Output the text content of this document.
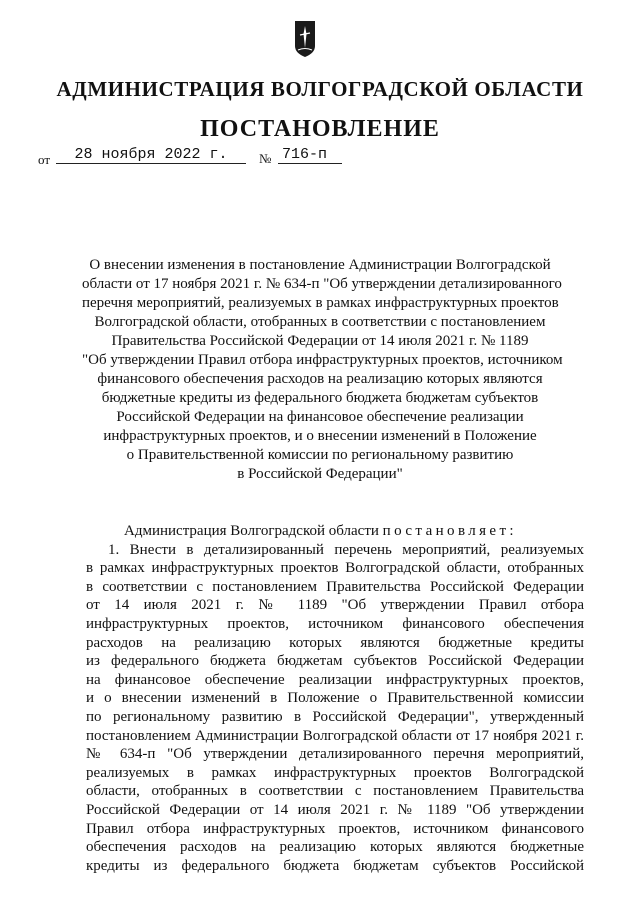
АДМИНИСТРАЦИЯ ВОЛГОГРАДСКОЙ ОБЛАСТИ
ПОСТАНОВЛЕНИЕ
от	28 ноября 2022 г.	№ 716-п
О внесении изменения в постановление Администрации Волгоградской
области от 17 ноября 2021 г. № 634-п "Об утверждении детализированного
перечня мероприятий, реализуемых в рамках инфраструктурных проектов
Волгоградской области, отобранных в соответствии с постановлением
Правительства Российской Федерации от 14 июля 2021 г. № 1189
"Об утверждении Правил отбора инфраструктурных проектов, источником
финансового обеспечения расходов на реализацию которых являются
бюджетные кредиты из федерального бюджета бюджетам субъектов
Российской Федерации на финансовое обеспечение реализации
инфраструктурных проектов, и о внесении изменений в Положение
о Правительственной комиссии по региональному развитию
в Российской Федерации"
Администрация Волгоградской области постановляет:
1. Внести в детализированный перечень мероприятий, реализуемых
в рамках инфраструктурных проектов Волгоградской области, отобранных
в соответствии с постановлением Правительства Российской Федерации
от 14 июля 2021 г. № 1189 "Об утверждении Правил отбора
инфраструктурных проектов, источником финансового обеспечения
расходов на реализацию которых являются бюджетные кредиты
из федерального бюджета бюджетам субъектов Российской Федерации
на финансовое обеспечение реализации инфраструктурных проектов,
и о внесении изменений в Положение о Правительственной комиссии
по региональному развитию в Российской Федерации", утвержденный
постановлением Администрации Волгоградской области от 17 ноября 2021 г.
№ 634-п "Об утверждении детализированного перечня мероприятий,
реализуемых в рамках инфраструктурных проектов Волгоградской
области, отобранных в соответствии с постановлением Правительства
Российской Федерации от 14 июля 2021 г. № 1189 "Об утверждении
Правил отбора инфраструктурных проектов, источником финансового
обеспечения расходов на реализацию которых являются бюджетные
кредиты из федерального бюджета бюджетам субъектов Российской
